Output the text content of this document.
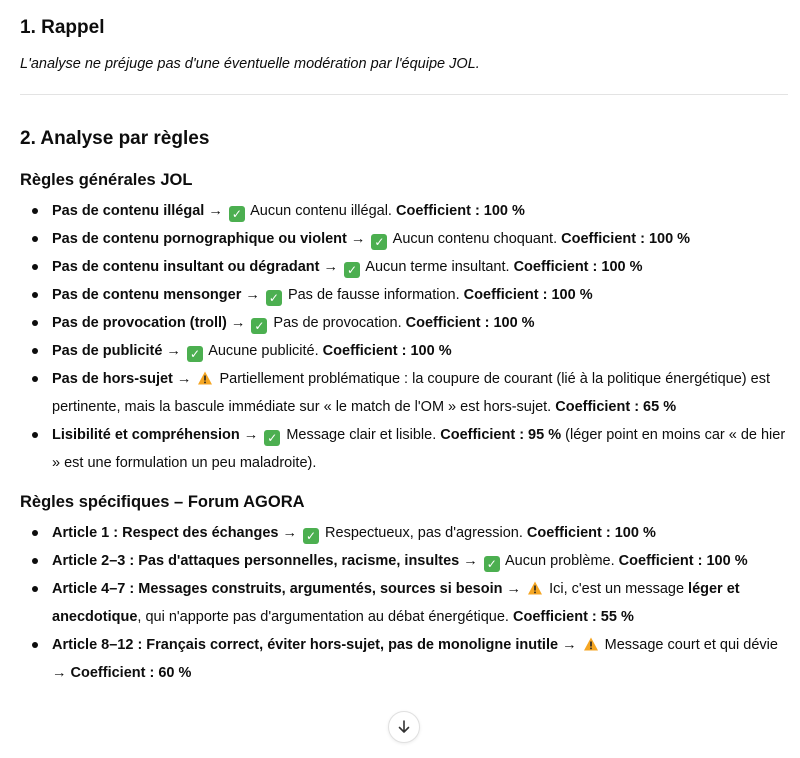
1. Rappel

L'analyse ne préjuge pas d'une éventuelle modération par l'équipe JOL.

2. Analyse par règles
Règles générales JOL
Pas de contenu illégal → ✓ Aucun contenu illégal. Coefficient : 100 %
Pas de contenu pornographique ou violent → ✓ Aucun contenu choquant. Coefficient : 100 %
Pas de contenu insultant ou dégradant → ✓ Aucun terme insultant. Coefficient : 100 %
Pas de contenu mensonger → ✓ Pas de fausse information. Coefficient : 100 %
Pas de provocation (troll) → ✓ Pas de provocation. Coefficient : 100 %
Pas de publicité → ✓ Aucune publicité. Coefficient : 100 %
Pas de hors-sujet →
Partiellement problématique : la coupure de courant (lié à la politique énergétique) est pertinente, mais la bascule immédiate sur « le match de l'OM » est hors-sujet. Coefficient : 65 %
Lisibilité et compréhension → ✓ Message clair et lisible. Coefficient : 95 % (léger point en moins car « de hier » est une formulation un peu maladroite).
Règles spécifiques – Forum AGORA
Article 1 : Respect des échanges → ✓ Respectueux, pas d'agression. Coefficient : 100 %
Article 2–3 : Pas d'attaques personnelles, racisme, insultes → ✓ Aucun problème. Coefficient : 100 %
Article 4–7 : Messages construits, argumentés, sources si besoin →
Ici, c'est un message léger et anecdotique, qui n'apporte pas d'argumentation au débat énergétique. Coefficient : 55 %
Article 8–12 : Français correct, éviter hors-sujet, pas de monoligne inutile →
Message court et qui dévie → Coefficient : 60 %
